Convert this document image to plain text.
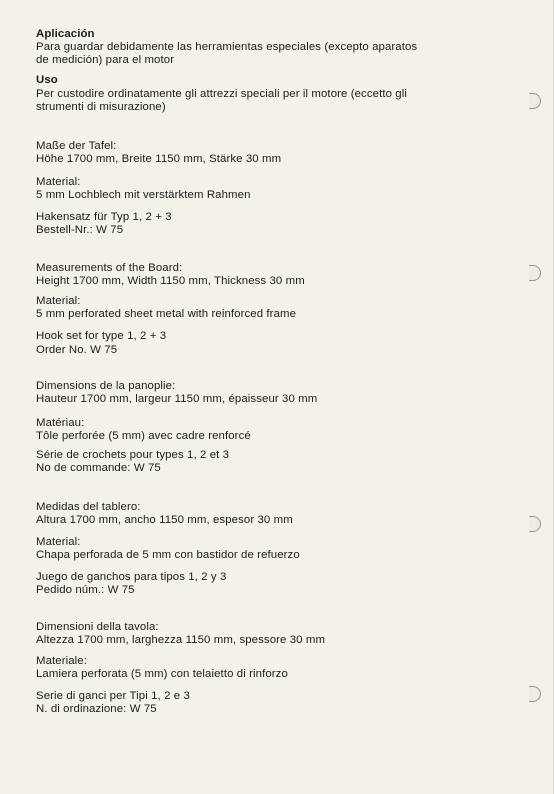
Aplicación

Para guardar debidamente las herramientas especiales (excepto aparatos

de medición) para el motor

Uso

Per custodire ordinatamente gli attrezzi speciali per il motore (eccetto gli

strumenti di misurazione)

Maße der Tafel:

Höhe 1700 mm, Breite 1150 mm, Stärke 30 mm

Material:

5 mm Lochblech mit verstärktem Rahmen

Hakensatz für Typ 1, 2 + 3

Bestell-Nr.: W 75

Measurements of the Board:

Height 1700 mm, Width 1150 mm, Thickness 30 mm

Material:

5 mm perforated sheet metal with reinforced frame

Hook set for type 1, 2 + 3

Order No. W 75

Dimensions de la panoplie:

Hauteur 1700 mm, largeur 1150 mm, épaisseur 30 mm

Matériau:

Tôle perforée (5 mm) avec cadre renforcé

Série de crochets pour types 1, 2 et 3

No de commande: W 75

Medidas del tablero:

Altura 1700 mm, ancho 1150 mm, espesor 30 mm

Material:

Chapa perforada de 5 mm con bastidor de refuerzo

Juego de ganchos para tipos 1, 2 y 3

Pedido núm.: W 75

Dimensioni della tavola:

Altezza 1700 mm, larghezza 1150 mm, spessore 30 mm

Materiale:

Lamiera perforata (5 mm) con telaietto di rinforzo

Serie di ganci per Tipi 1, 2 e 3

N. di ordinazione: W 75
